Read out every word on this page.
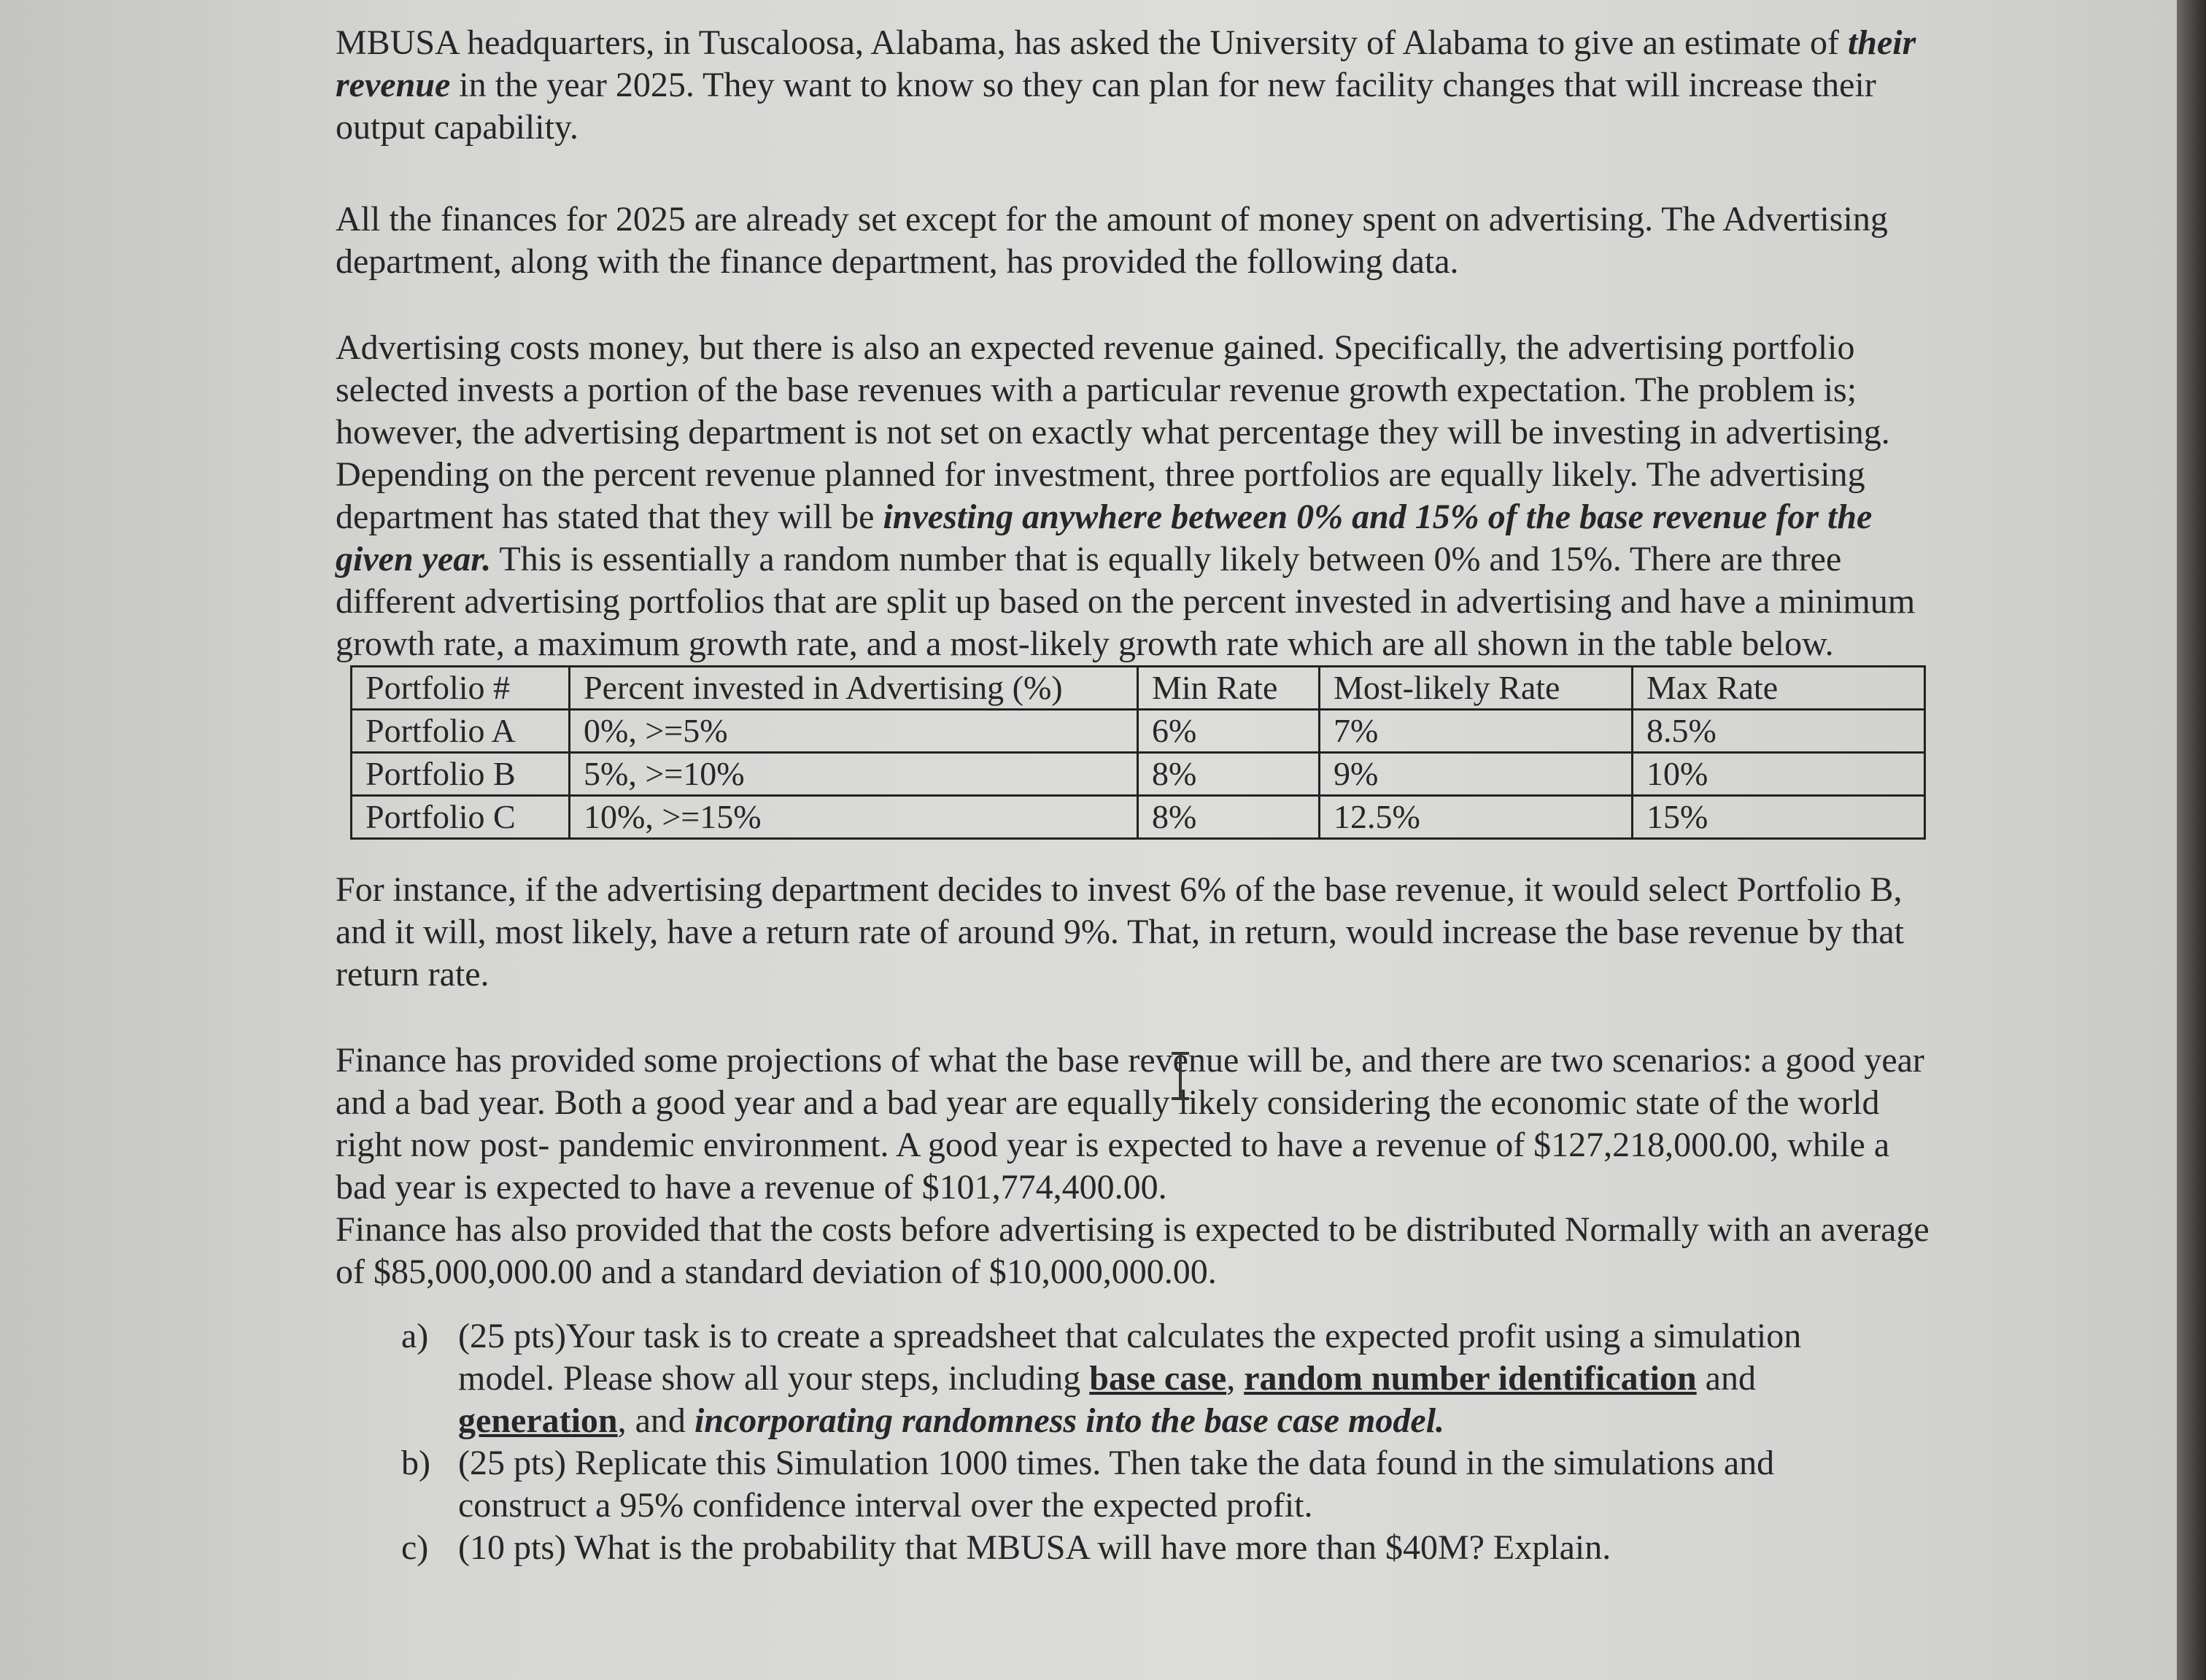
MBUSA headquarters, in Tuscaloosa, Alabama, has asked the University of Alabama to give an estimate of their revenue in the year 2025. They want to know so they can plan for new facility changes that will increase their output capability.

All the finances for 2025 are already set except for the amount of money spent on advertising. The Advertising department, along with the finance department, has provided the following data.

Advertising costs money, but there is also an expected revenue gained. Specifically, the advertising portfolio selected invests a portion of the base revenues with a particular revenue growth expectation. The problem is; however, the advertising department is not set on exactly what percentage they will be investing in advertising. Depending on the percent revenue planned for investment, three portfolios are equally likely. The advertising department has stated that they will be investing anywhere between 0% and 15% of the base revenue for the given year. This is essentially a random number that is equally likely between 0% and 15%. There are three different advertising portfolios that are split up based on the percent invested in advertising and have a minimum growth rate, a maximum growth rate, and a most-likely growth rate which are all shown in the table below.

Portfolio #	Percent invested in Advertising (%)	Min Rate	Most-likely Rate	Max Rate
Portfolio A	0%, >=5%	6%	7%	8.5%
Portfolio B	5%, >=10%	8%	9%	10%
Portfolio C	10%, >=15%	8%	12.5%	15%

For instance, if the advertising department decides to invest 6% of the base revenue, it would select Portfolio B, and it will, most likely, have a return rate of around 9%. That, in return, would increase the base revenue by that return rate.

Finance has provided some projections of what the base revenue will be, and there are two scenarios: a good year and a bad year. Both a good year and a bad year are equally likely considering the economic state of the world right now post- pandemic environment. A good year is expected to have a revenue of $127,218,000.00, while a bad year is expected to have a revenue of $101,774,400.00.

Finance has also provided that the costs before advertising is expected to be distributed Normally with an average of $85,000,000.00 and a standard deviation of $10,000,000.00.

a) (25 pts)Your task is to create a spreadsheet that calculates the expected profit using a simulation model. Please show all your steps, including base case, random number identification and generation, and incorporating randomness into the base case model.
b) (25 pts) Replicate this Simulation 1000 times. Then take the data found in the simulations and construct a 95% confidence interval over the expected profit.
c) (10 pts) What is the probability that MBUSA will have more than $40M? Explain.
